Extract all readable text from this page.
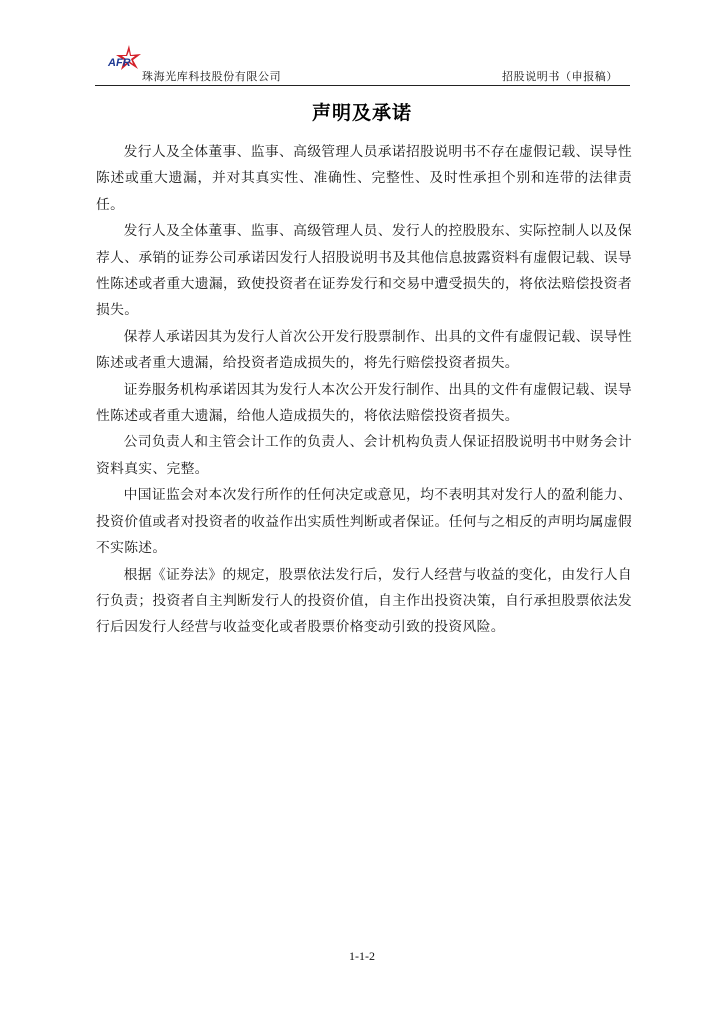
AFR
珠海光库科技股份有限公司	招股说明书（申报稿）
声明及承诺

发行人及全体董事、监事、高级管理人员承诺招股说明书不存在虚假记载、误导性陈述或重大遗漏，并对其真实性、准确性、完整性、及时性承担个别和连带的法律责任。

发行人及全体董事、监事、高级管理人员、发行人的控股股东、实际控制人以及保荐人、承销的证券公司承诺因发行人招股说明书及其他信息披露资料有虚假记载、误导性陈述或者重大遗漏，致使投资者在证券发行和交易中遭受损失的，将依法赔偿投资者损失。

保荐人承诺因其为发行人首次公开发行股票制作、出具的文件有虚假记载、误导性陈述或者重大遗漏，给投资者造成损失的，将先行赔偿投资者损失。

证券服务机构承诺因其为发行人本次公开发行制作、出具的文件有虚假记载、误导性陈述或者重大遗漏，给他人造成损失的，将依法赔偿投资者损失。

公司负责人和主管会计工作的负责人、会计机构负责人保证招股说明书中财务会计资料真实、完整。

中国证监会对本次发行所作的任何决定或意见，均不表明其对发行人的盈利能力、投资价值或者对投资者的收益作出实质性判断或者保证。任何与之相反的声明均属虚假不实陈述。

根据《证券法》的规定，股票依法发行后，发行人经营与收益的变化，由发行人自行负责；投资者自主判断发行人的投资价值，自主作出投资决策，自行承担股票依法发行后因发行人经营与收益变化或者股票价格变动引致的投资风险。

1-1-2
